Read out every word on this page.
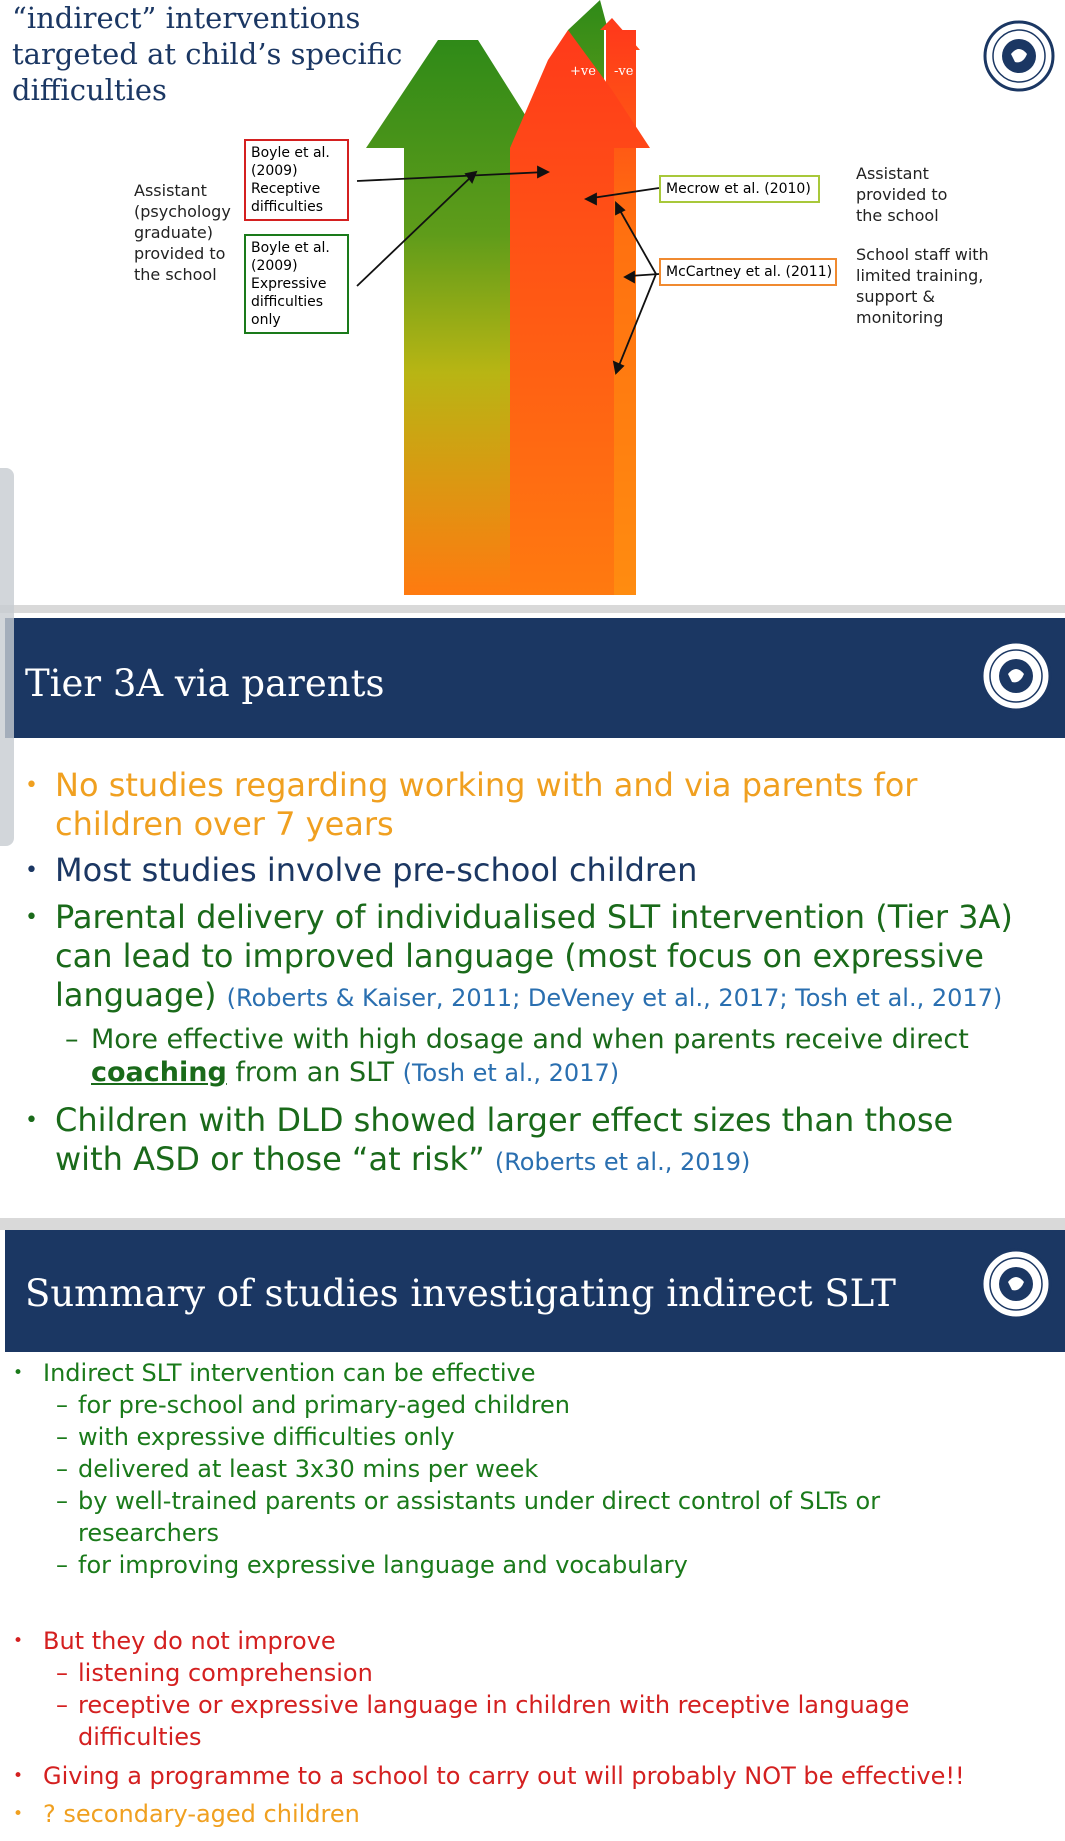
“indirect” interventions
targeted at child’s specific
difficulties
+ve -ve
Assistant
(psychology
graduate)
provided to
the school
Boyle et al.
(2009)
Receptive
difficulties
Boyle et al.
(2009)
Expressive
difficulties
only
Mecrow et al. (2010)
McCartney et al. (2011)
Assistant
provided to
the school
School staff with
limited training,
support &
monitoring
Tier 3A via parents
• No studies regarding working with and via parents for
children over 7 years
• Most studies involve pre-school children
• Parental delivery of individualised SLT intervention (Tier 3A)
can lead to improved language (most focus on expressive
language) (Roberts & Kaiser, 2011; DeVeney et al., 2017; Tosh et al., 2017)
– More effective with high dosage and when parents receive direct
coaching from an SLT (Tosh et al., 2017)
• Children with DLD showed larger effect sizes than those
with ASD or those “at risk” (Roberts et al., 2019)
Summary of studies investigating indirect SLT
• Indirect SLT intervention can be effective
– for pre-school and primary-aged children
– with expressive difficulties only
– delivered at least 3x30 mins per week
– by well-trained parents or assistants under direct control of SLTs or
researchers
– for improving expressive language and vocabulary
• But they do not improve
– listening comprehension
– receptive or expressive language in children with receptive language
difficulties
• Giving a programme to a school to carry out will probably NOT be effective!!
• ? secondary-aged children
